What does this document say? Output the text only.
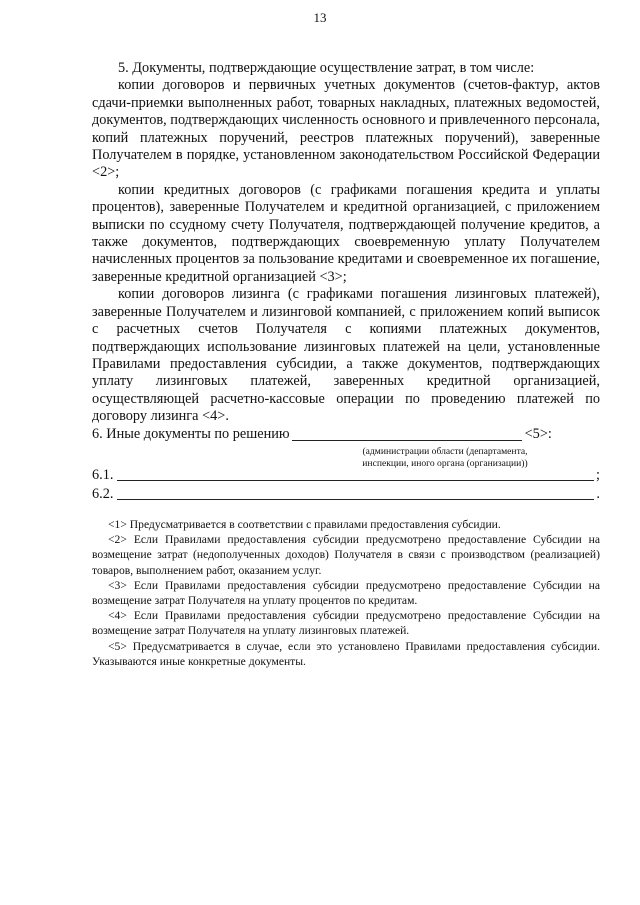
13

5. Документы, подтверждающие осуществление затрат, в том числе:

копии договоров и первичных учетных документов (счетов-фактур, актов сдачи-приемки выполненных работ, товарных накладных, платежных ведомостей, документов, подтверждающих численность основного и привлеченного персонала, копий платежных поручений, реестров платежных поручений), заверенные Получателем в порядке, установленном законодательством Российской Федерации <2>;

копии кредитных договоров (с графиками погашения кредита и уплаты процентов), заверенные Получателем и кредитной организацией, с приложением выписки по ссудному счету Получателя, подтверждающей получение кредитов, а также документов, подтверждающих своевременную уплату Получателем начисленных процентов за пользование кредитами и своевременное их погашение, заверенные кредитной организацией <3>;

копии договоров лизинга (с графиками погашения лизинговых платежей), заверенные Получателем и лизинговой компанией, с приложением копий выписок с расчетных счетов Получателя с копиями платежных документов, подтверждающих использование лизинговых платежей на цели, установленные Правилами предоставления субсидии, а также документов, подтверждающих уплату лизинговых платежей, заверенных кредитной организацией, осуществляющей расчетно-кассовые операции по проведению платежей по договору лизинга <4>.

6. Иные документы по решению	<5>:
(администрации области (департамента,
инспекции, иного органа (организации))
6.1.	;
6.2.	.

<1> Предусматривается в соответствии с правилами предоставления субсидии.

<2> Если Правилами предоставления субсидии предусмотрено предоставление Субсидии на возмещение затрат (недополученных доходов) Получателя в связи с производством (реализацией) товаров, выполнением работ, оказанием услуг.

<3> Если Правилами предоставления субсидии предусмотрено предоставление Субсидии на возмещение затрат Получателя на уплату процентов по кредитам.

<4> Если Правилами предоставления субсидии предусмотрено предоставление Субсидии на возмещение затрат Получателя на уплату лизинговых платежей.

<5> Предусматривается в случае, если это установлено Правилами предоставления субсидии. Указываются иные конкретные документы.
